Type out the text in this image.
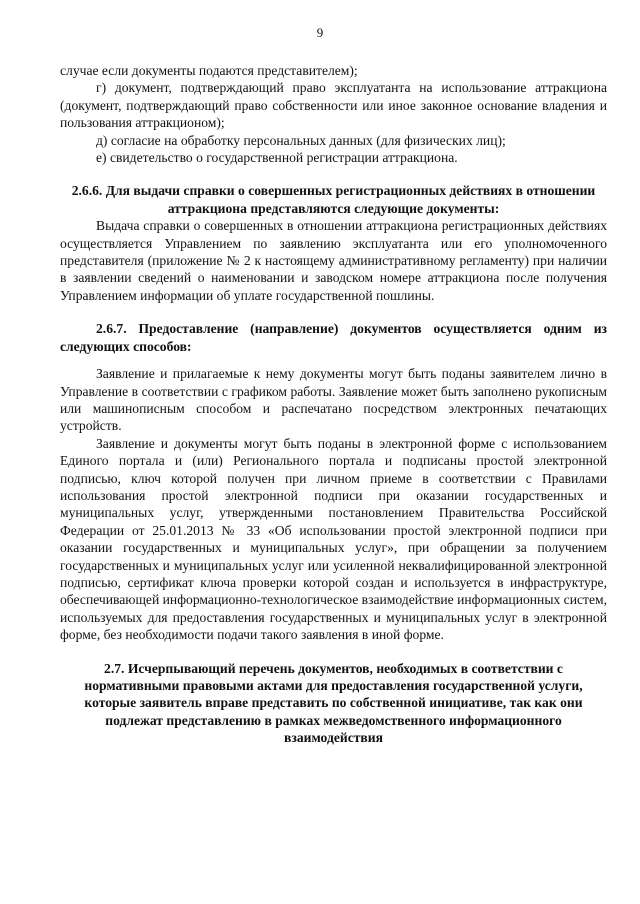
9

случае если документы подаются представителем);

г) документ, подтверждающий право эксплуатанта на использование аттракциона (документ, подтверждающий право собственности или иное законное основание владения и пользования аттракционом);

д) согласие на обработку персональных данных (для физических лиц);

е) свидетельство о государственной регистрации аттракциона.

2.6.6. Для выдачи справки о совершенных регистрационных действиях в отношении аттракциона представляются следующие документы:

Выдача справки о совершенных в отношении аттракциона регистрационных действиях осуществляется Управлением по заявлению эксплуатанта или его уполномоченного представителя (приложение № 2 к настоящему административному регламенту) при наличии в заявлении сведений о наименовании и заводском номере аттракциона после получения Управлением информации об уплате государственной пошлины.

2.6.7. Предоставление (направление) документов осуществляется одним из следующих способов:

Заявление и прилагаемые к нему документы могут быть поданы заявителем лично в Управление в соответствии с графиком работы. Заявление может быть заполнено рукописным или машинописным способом и распечатано посредством электронных печатающих устройств.

Заявление и документы могут быть поданы в электронной форме с использованием Единого портала и (или) Регионального портала и подписаны простой электронной подписью, ключ которой получен при личном приеме в соответствии с Правилами использования простой электронной подписи при оказании государственных и муниципальных услуг, утвержденными постановлением Правительства Российской Федерации от 25.01.2013 № 33 «Об использовании простой электронной подписи при оказании государственных и муниципальных услуг», при обращении за получением государственных и муниципальных услуг или усиленной неквалифицированной электронной подписью, сертификат ключа проверки которой создан и используется в инфраструктуре, обеспечивающей информационно-технологическое взаимодействие информационных систем, используемых для предоставления государственных и муниципальных услуг в электронной форме, без необходимости подачи такого заявления в иной форме.

2.7. Исчерпывающий перечень документов, необходимых в соответствии с нормативными правовыми актами для предоставления государственной услуги, которые заявитель вправе представить по собственной инициативе, так как они подлежат представлению в рамках межведомственного информационного взаимодействия
